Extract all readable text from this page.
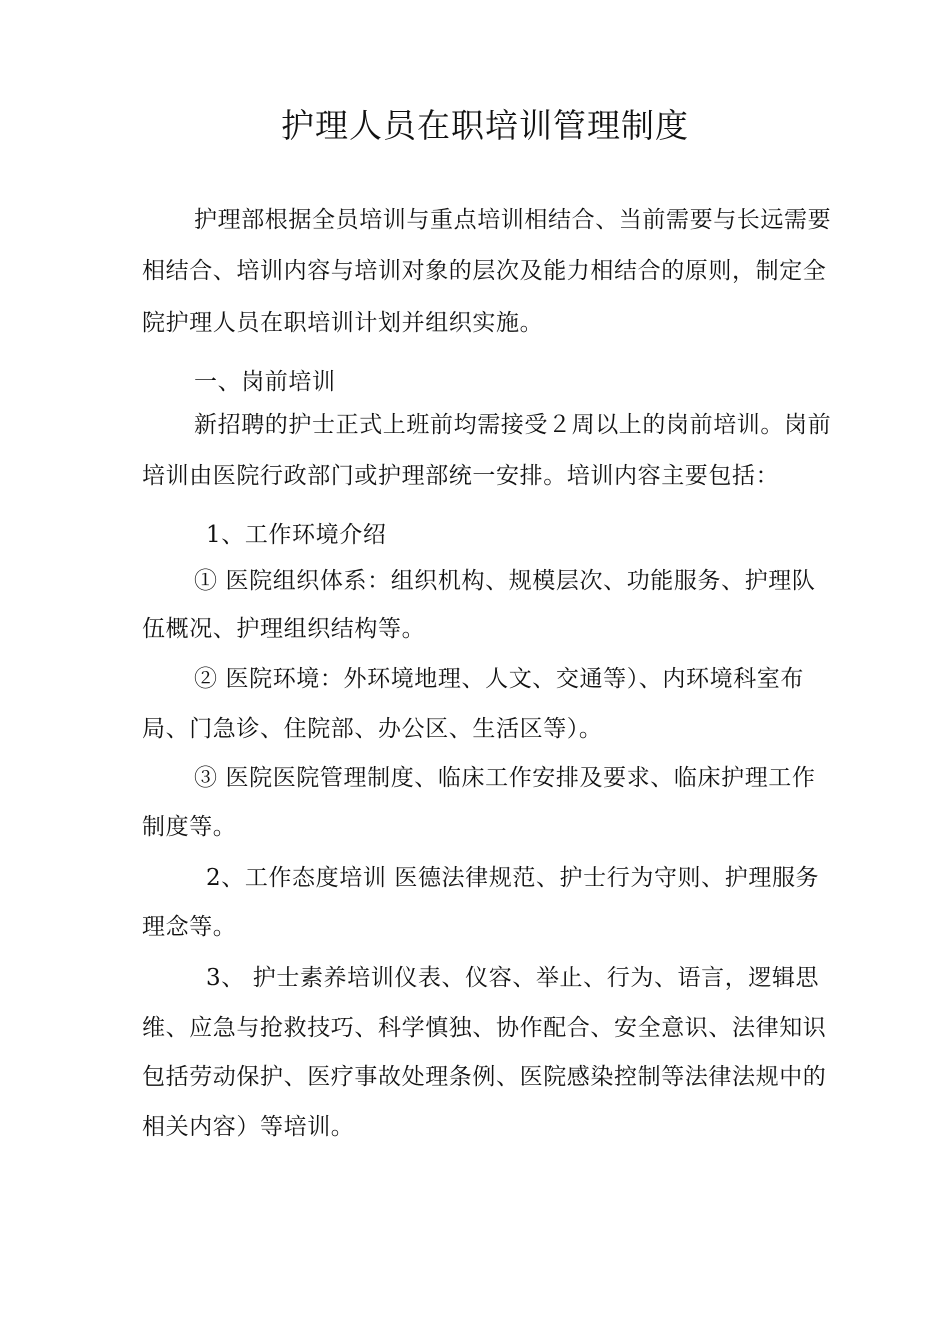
护理人员在职培训管理制度
护理部根据全员培训与重点培训相结合、当前需要与长远需要
相结合、培训内容与培训对象的层次及能力相结合的原则，制定全
院护理人员在职培训计划并组织实施。
一、岗前培训
新招聘的护士正式上班前均需接受２周以上的岗前培训。岗前
培训由医院行政部门或护理部统一安排。培训内容主要包括：
1、工作环境介绍
① 医院组织体系：组织机构、规模层次、功能服务、护理队
伍概况、护理组织结构等。
② 医院环境：外环境地理、人文、交通等）、内环境科室布
局、门急诊、住院部、办公区、生活区等）。
③ 医院医院管理制度、临床工作安排及要求、临床护理工作
制度等。
2、工作态度培训 医德法律规范、护士行为守则、护理服务
理念等。
3、 护士素养培训仪表、仪容、举止、行为、语言，逻辑思
维、应急与抢救技巧、科学慎独、协作配合、安全意识、法律知识
包括劳动保护、医疗事故处理条例、医院感染控制等法律法规中的
相关内容）等培训。
